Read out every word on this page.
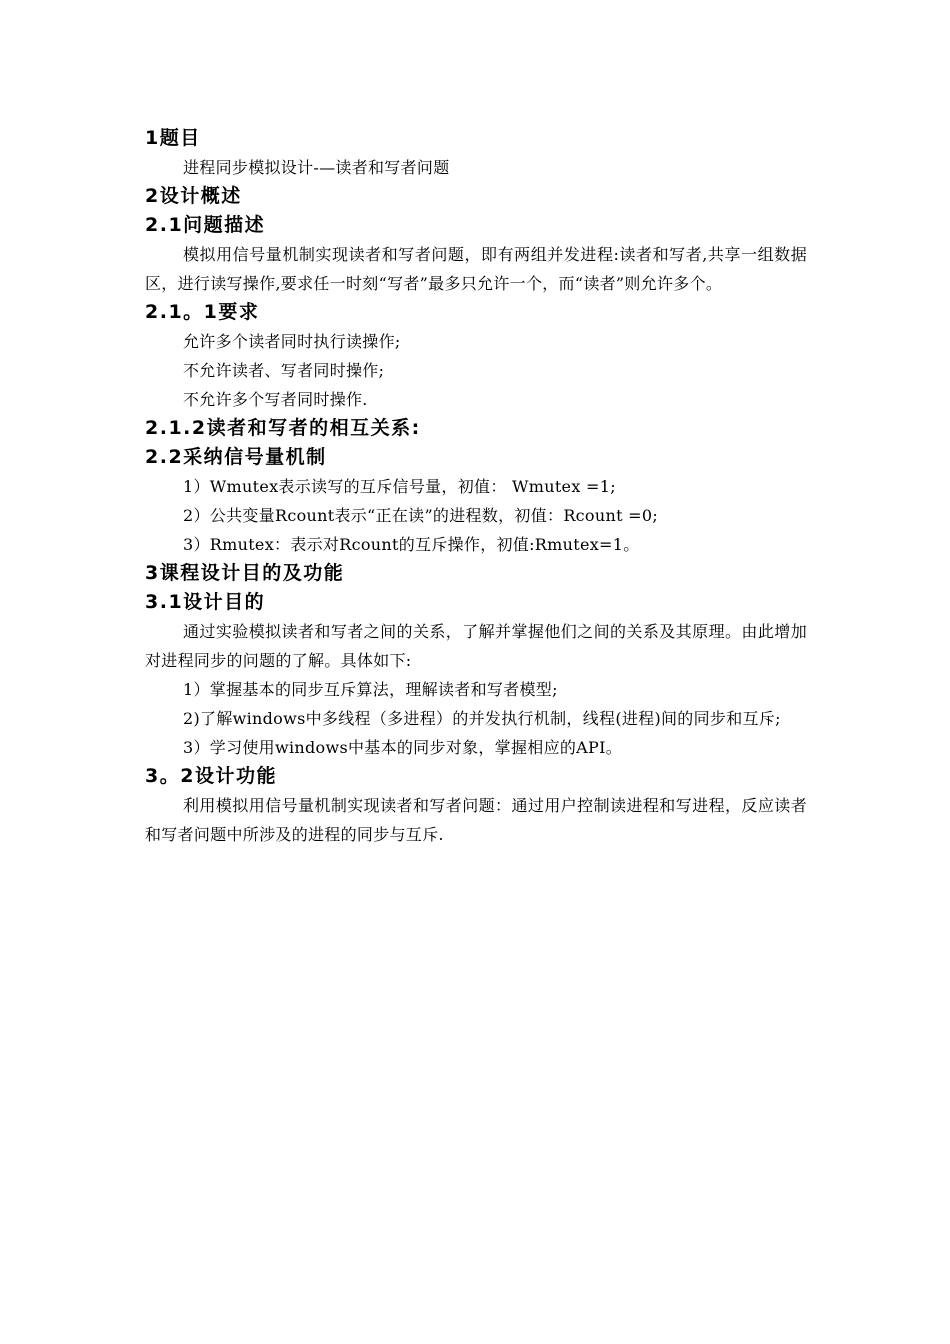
1题目
进程同步模拟设计-—读者和写者问题
2设计概述
2.1问题描述
模拟用信号量机制实现读者和写者问题，即有两组并发进程:读者和写者,共享一组数据区，进行读写操作,要求任一时刻“写者”最多只允许一个，而“读者”则允许多个。
2.1。1要求
允许多个读者同时执行读操作;
不允许读者、写者同时操作;
不允许多个写者同时操作.
2.1.2读者和写者的相互关系:
2.2采纳信号量机制
1）Wmutex表示读写的互斥信号量，初值： Wmutex =1;
2）公共变量Rcount表示“正在读”的进程数，初值：Rcount =0;
3）Rmutex：表示对Rcount的互斥操作，初值:Rmutex=1。
3课程设计目的及功能
3.1设计目的
通过实验模拟读者和写者之间的关系，了解并掌握他们之间的关系及其原理。由此增加对进程同步的问题的了解。具体如下:
1）掌握基本的同步互斥算法，理解读者和写者模型;
2)了解windows中多线程（多进程）的并发执行机制，线程(进程)间的同步和互斥;
3）学习使用windows中基本的同步对象，掌握相应的API。
3。2设计功能
利用模拟用信号量机制实现读者和写者问题：通过用户控制读进程和写进程，反应读者和写者问题中所涉及的进程的同步与互斥.
